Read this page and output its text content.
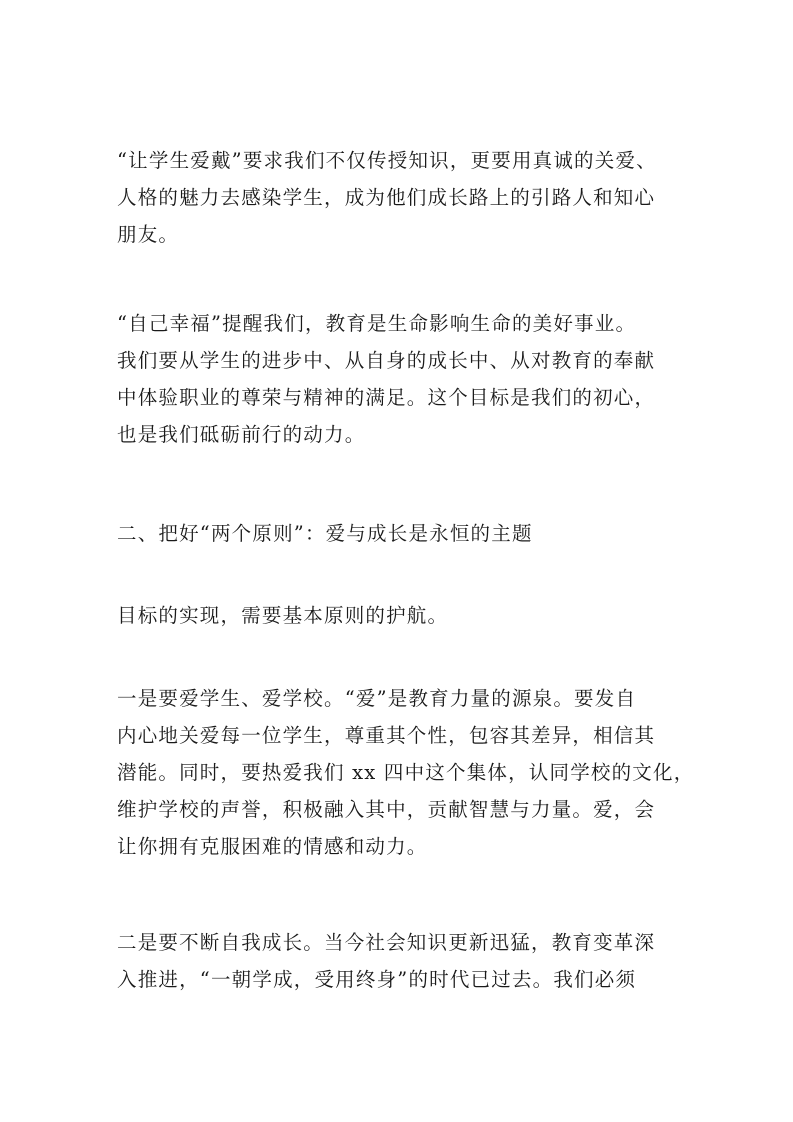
“让学生爱戴”要求我们不仅传授知识，更要用真诚的关爱、
人格的魅力去感染学生，成为他们成长路上的引路人和知心
朋友。

“自己幸福”提醒我们，教育是生命影响生命的美好事业。
我们要从学生的进步中、从自身的成长中、从对教育的奉献
中体验职业的尊荣与精神的满足。这个目标是我们的初心，
也是我们砥砺前行的动力。

二、把好“两个原则”：爱与成长是永恒的主题

目标的实现，需要基本原则的护航。

一是要爱学生、爱学校。“爱”是教育力量的源泉。要发自
内心地关爱每一位学生，尊重其个性，包容其差异，相信其
潜能。同时，要热爱我们 xx 四中这个集体，认同学校的文化，
维护学校的声誉，积极融入其中，贡献智慧与力量。爱，会
让你拥有克服困难的情感和动力。

二是要不断自我成长。当今社会知识更新迅猛，教育变革深
入推进，“一朝学成，受用终身”的时代已过去。我们必须
